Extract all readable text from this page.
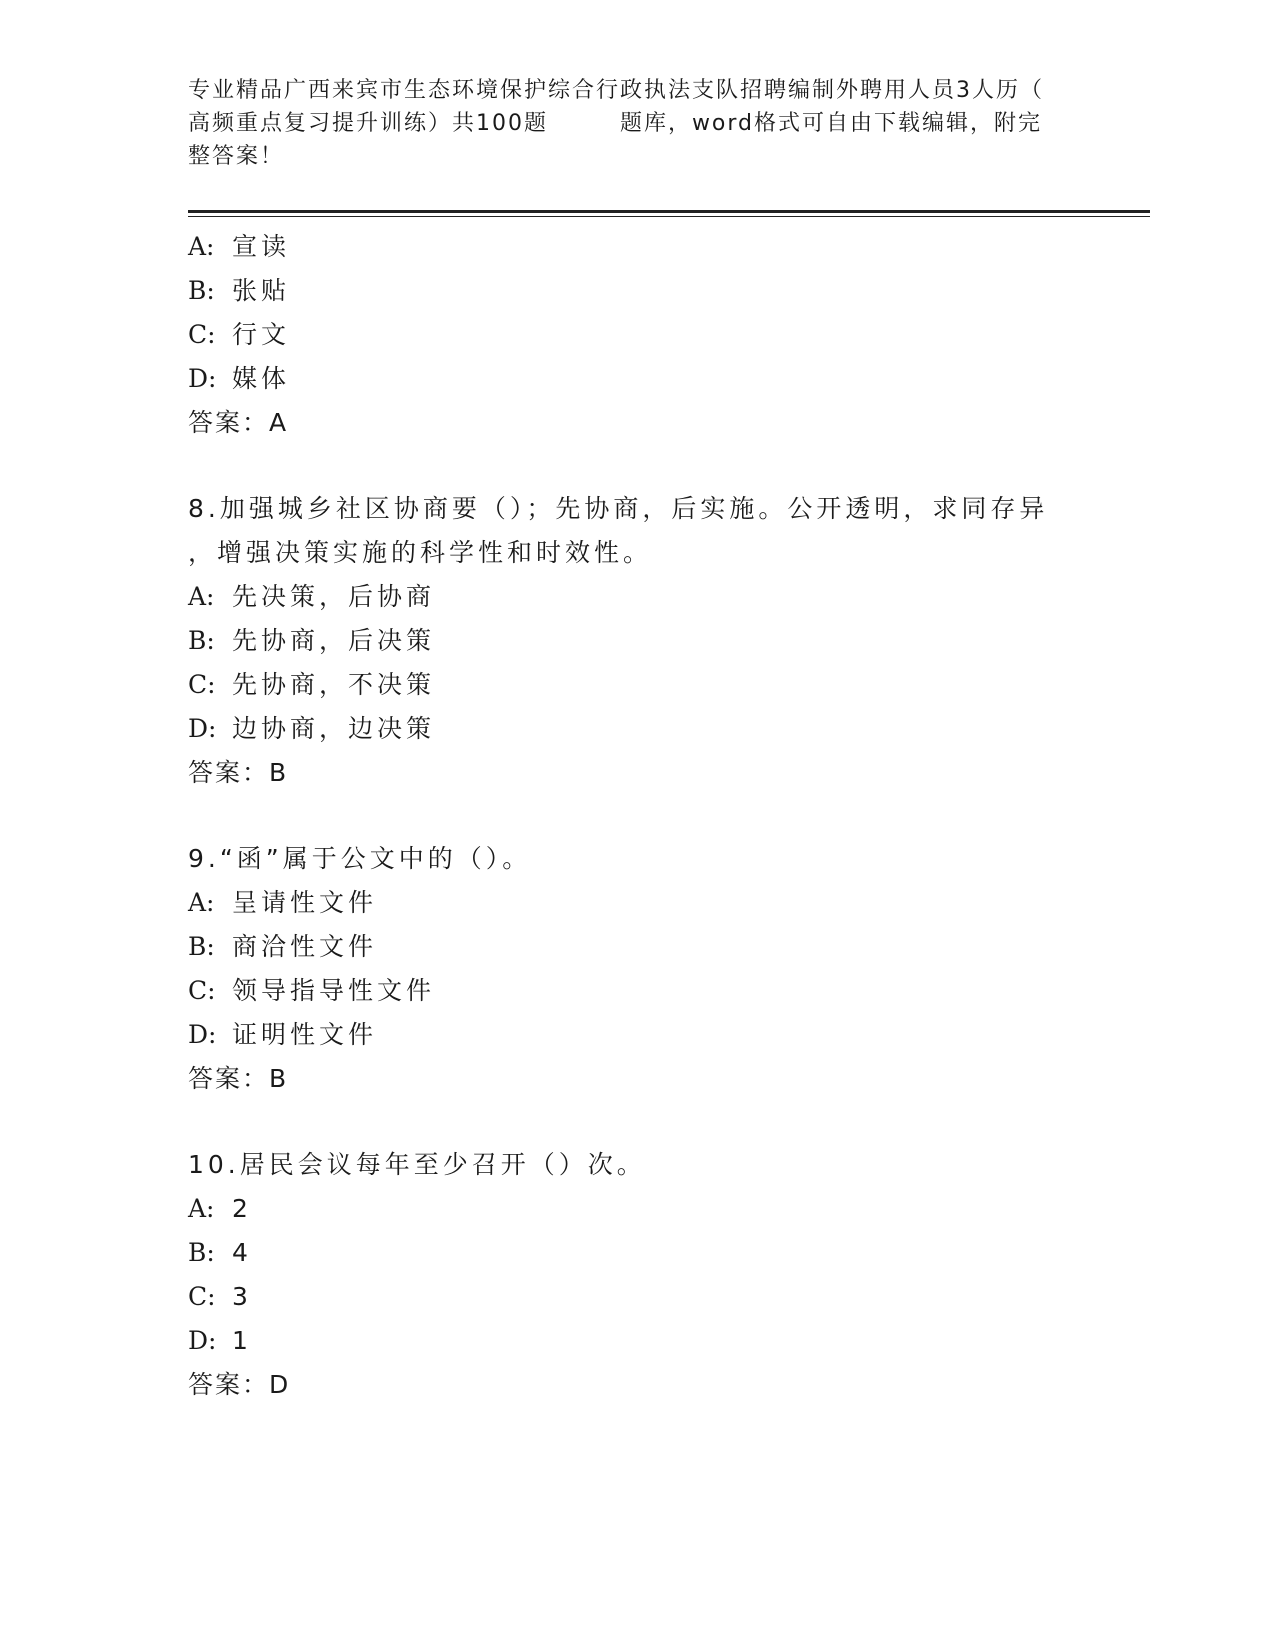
专业精品广西来宾市生态环境保护综合行政执法支队招聘编制外聘用人员3人历（
高频重点复习提升训练）共100题        题库，word格式可自由下载编辑，附完
整答案！
A: 宣读
B: 张贴
C: 行文
D: 媒体
答案：A
8.加强城乡社区协商要（）；先协商，后实施。公开透明，求同存异
，增强决策实施的科学性和时效性。
A: 先决策，后协商
B: 先协商，后决策
C: 先协商，不决策
D: 边协商，边决策
答案：B
9.“函”属于公文中的（）。
A: 呈请性文件
B: 商洽性文件
C: 领导指导性文件
D: 证明性文件
答案：B
10.居民会议每年至少召开（）次。
A: 2
B: 4
C: 3
D: 1
答案：D
